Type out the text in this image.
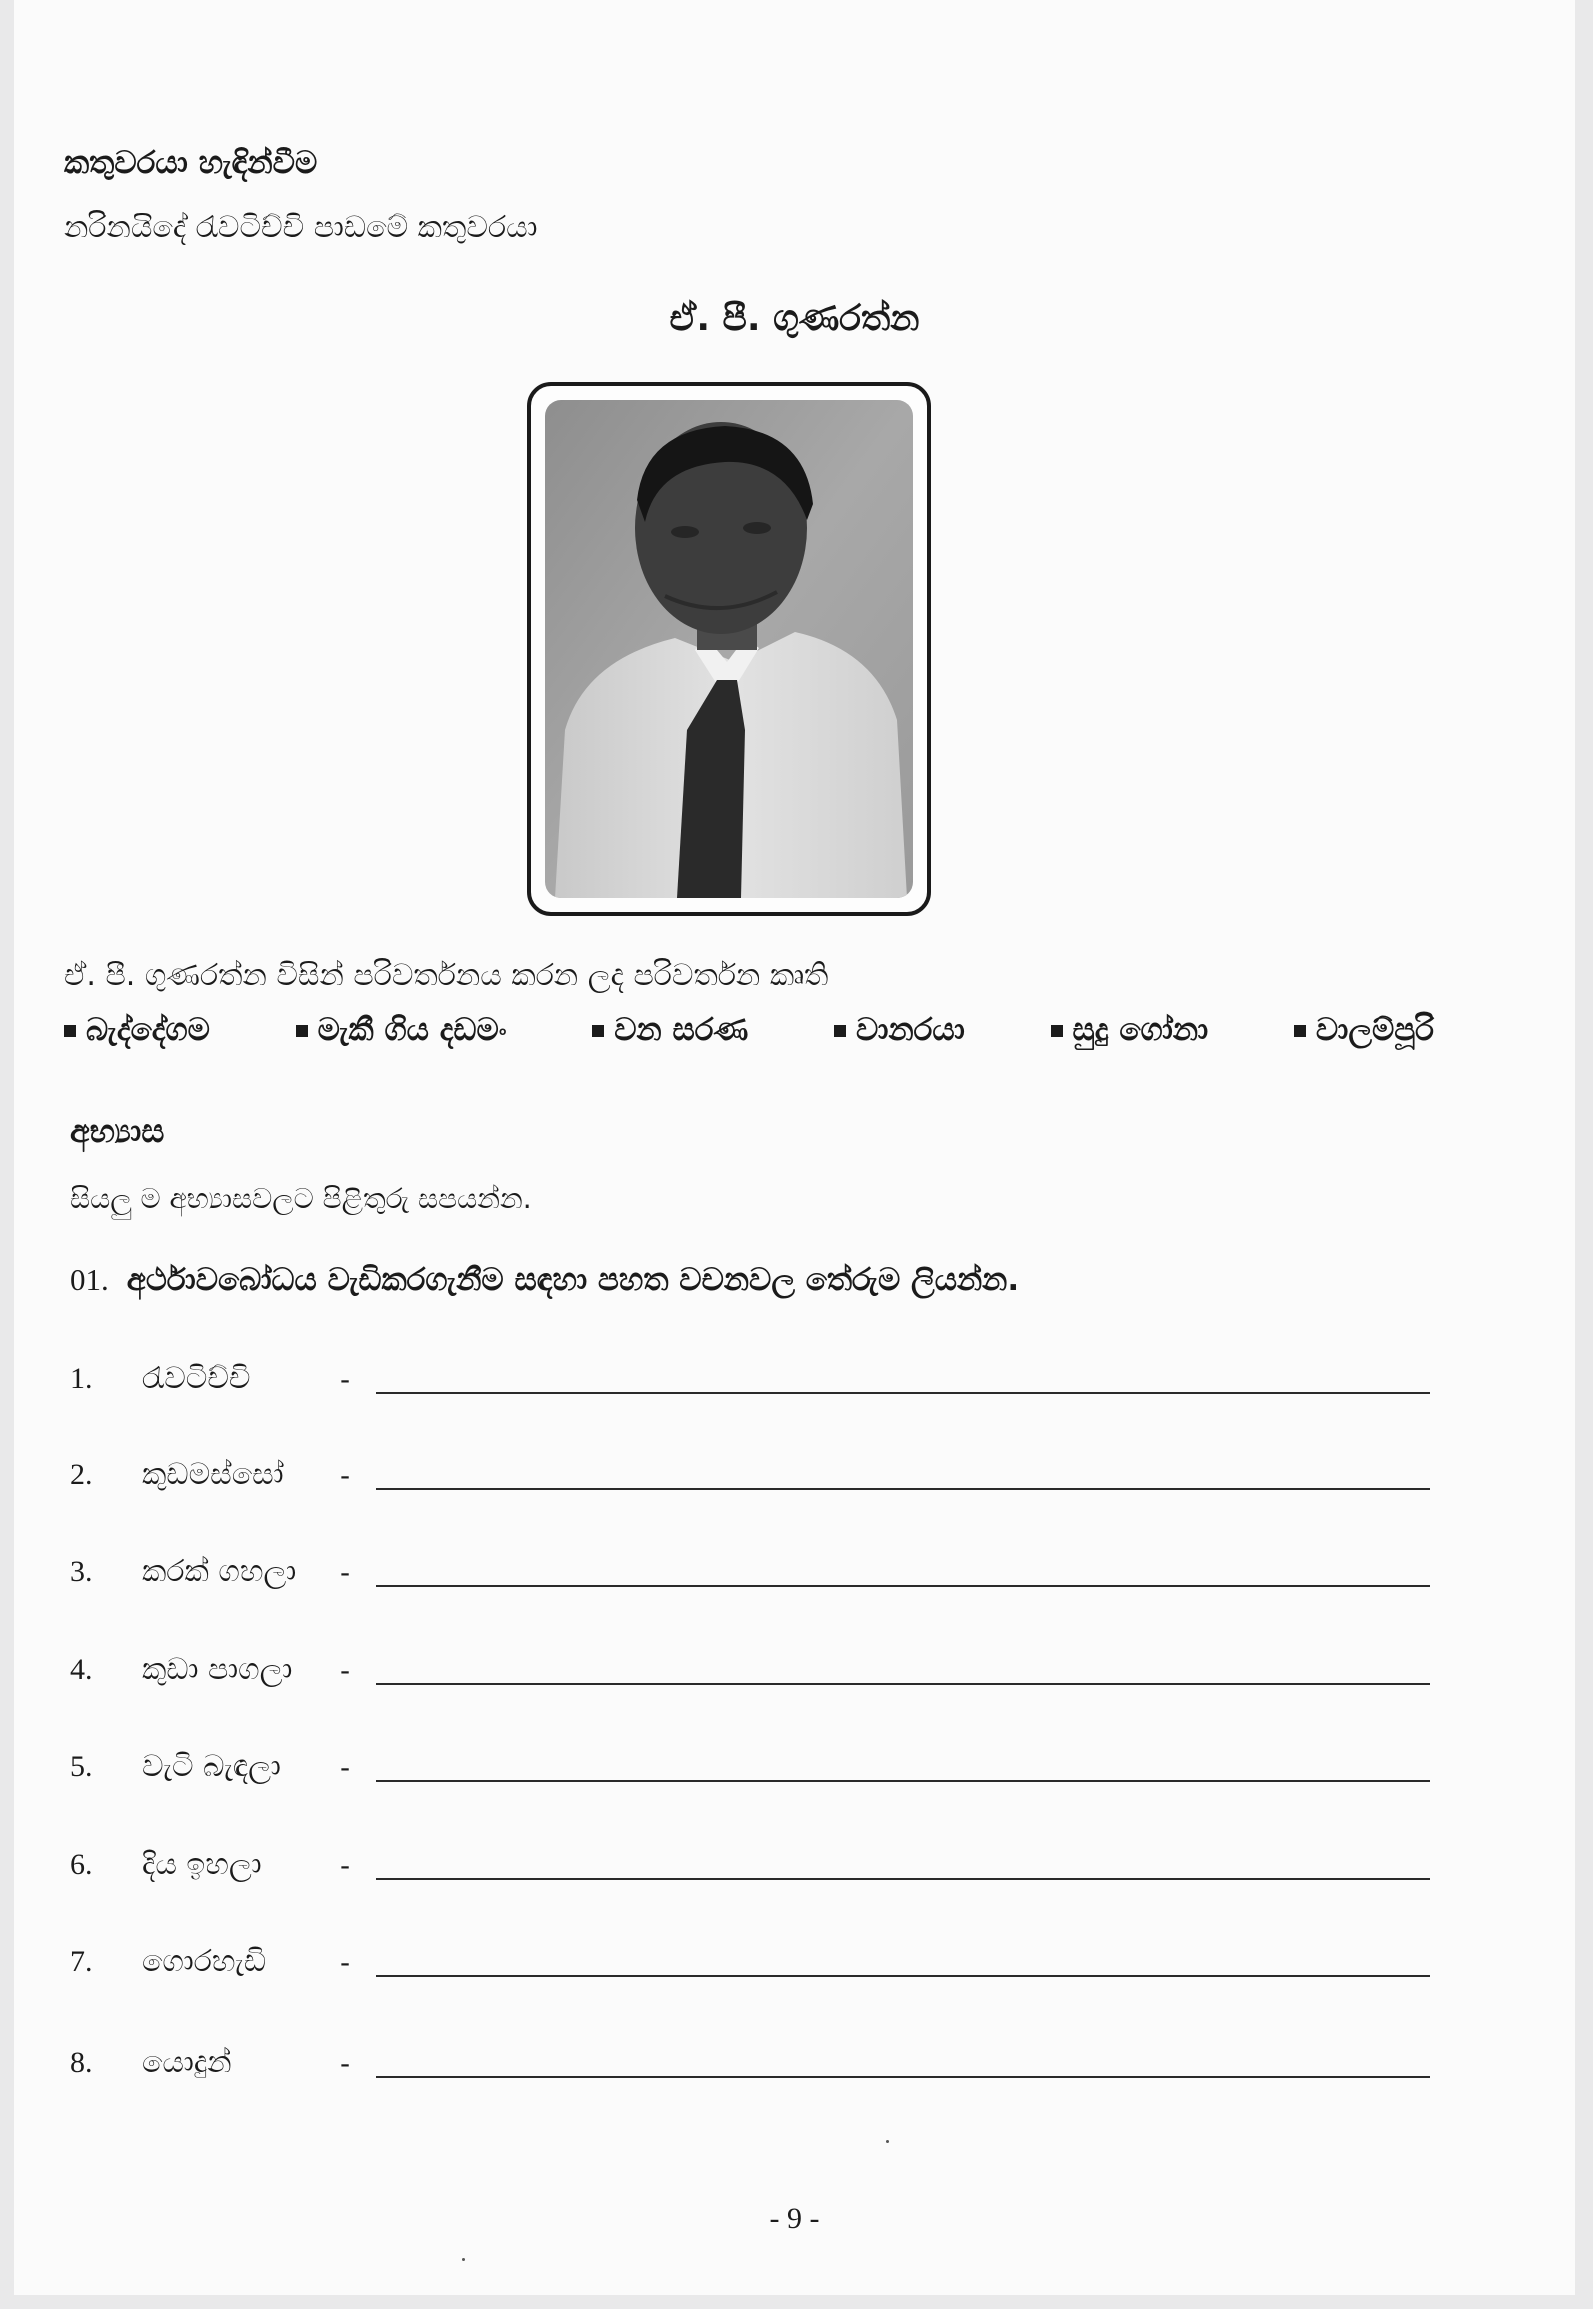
කතුවරයා හැඳින්වීම
නරිනයිදේ රැවටිච්චි පාඩමේ කතුවරයා
ඒ. පී. ගුණරත්න
ඒ. පී. ගුණරත්න විසින් පරිවර්තනය කරන ලද පරිවර්තන කෘති
බැද්දේගම	මැකී ගිය දඩමං	වන සරණ	වානරයා	සුදු ගෝනා	වාලම්පූරි
අභ්‍යාස
සියලු ම අභ්‍යාසවලට පිළිතුරු සපයන්න.
01. අර්ථාවබෝධය වැඩිකරගැනීම සඳහා පහත වචනවල තේරුම ලියන්න.
1. රැවටිච්චි	-
2. කුඩමස්සෝ -
3. කරක් ගහලා -
4. කුඩා පාගලා -
5. වැටි බැඳලා -
6. දිය ඉහලා	-
7. ගොරහැඩි	-
8. යොදුන්	-
- 9 -
